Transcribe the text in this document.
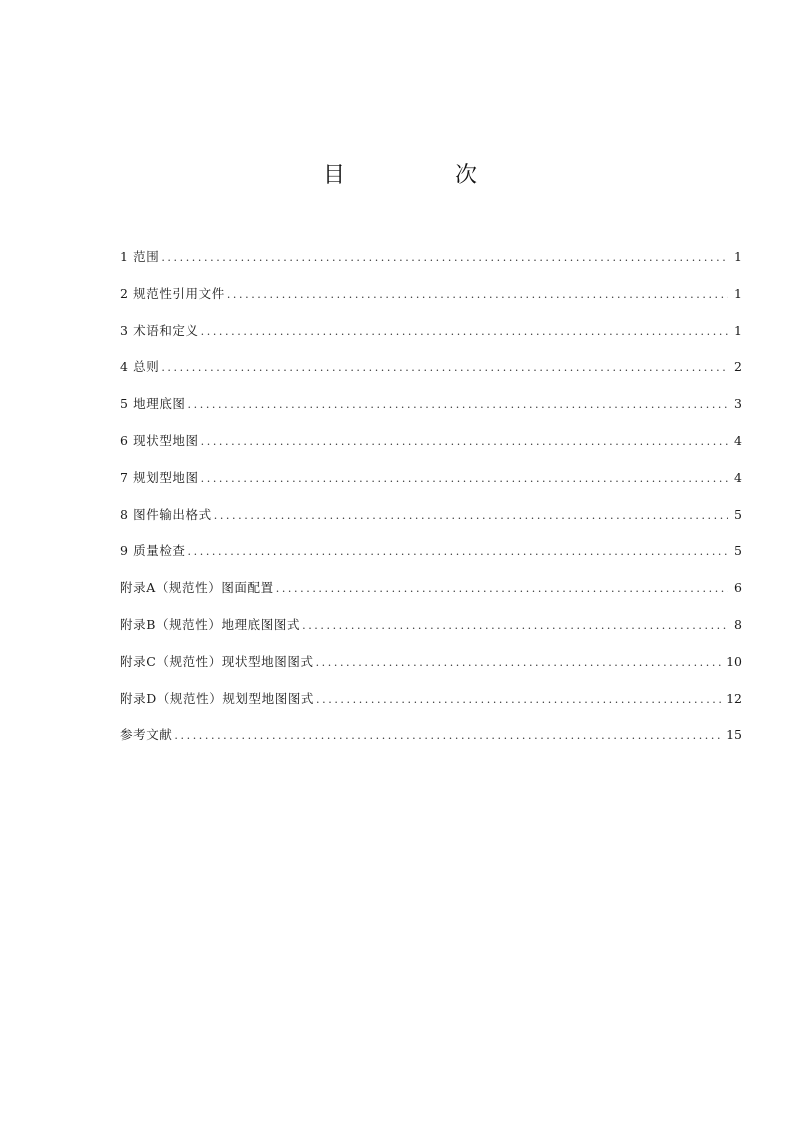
目　次
1 范围 .....	1
2 规范性引用文件 .....	1
3 术语和定义 .....	1
4 总则 .....	2
5 地理底图 .....	3
6 现状型地图 .....	4
7 规划型地图 .....	4
8 图件输出格式 .....	5
9 质量检查 .....	5
附录A（规范性）图面配置 .....	6
附录B（规范性）地理底图图式 .....	8
附录C（规范性）现状型地图图式 .....	10
附录D（规范性）规划型地图图式 .....	12
参考文献 .....	15
